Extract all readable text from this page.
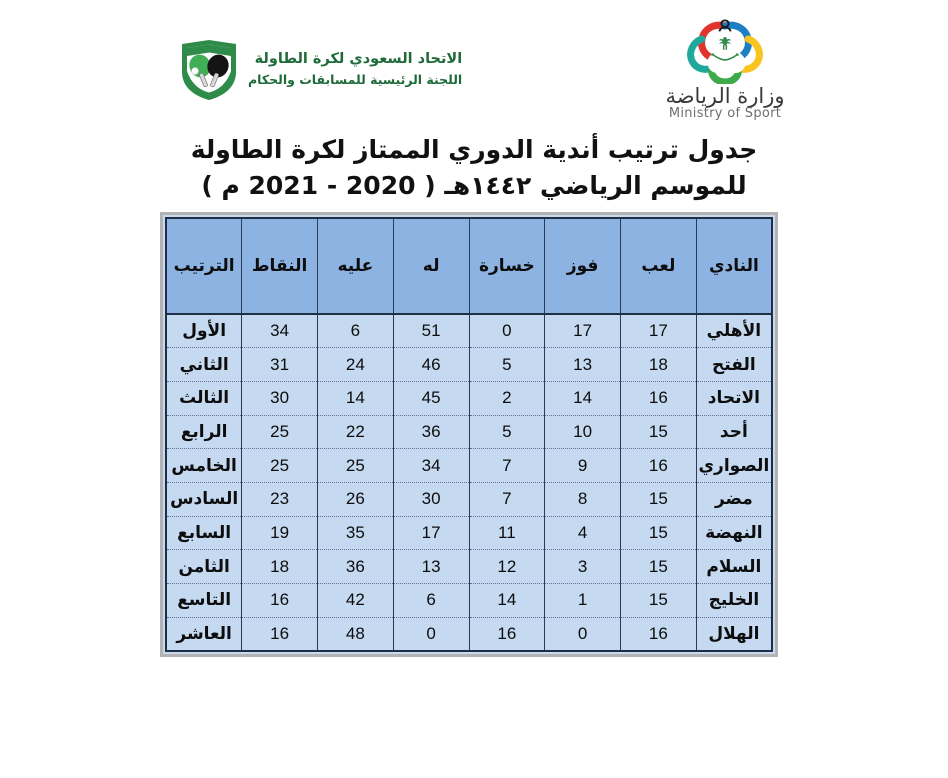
الاتحاد السعودي لكرة الطاولة
اللجنة الرئيسية للمسابقات والحكام
وزارة الرياضة
Ministry of Sport
جدول ترتيب أندية الدوري الممتاز لكرة الطاولة
للموسم الرياضي ١٤٤٢هـ ( 2020 - 2021 م )
النادي	لعب	فوز	خسارة	له	عليه	النقاط	الترتيب
الأهلي	17	17	0	51	6	34	الأول
الفتح	18	13	5	46	24	31	الثاني
الاتحاد	16	14	2	45	14	30	الثالث
أحد	15	10	5	36	22	25	الرابع
الصواري	16	9	7	34	25	25	الخامس
مضر	15	8	7	30	26	23	السادس
النهضة	15	4	11	17	35	19	السابع
السلام	15	3	12	13	36	18	الثامن
الخليج	15	1	14	6	42	16	التاسع
الهلال	16	0	16	0	48	16	العاشر
